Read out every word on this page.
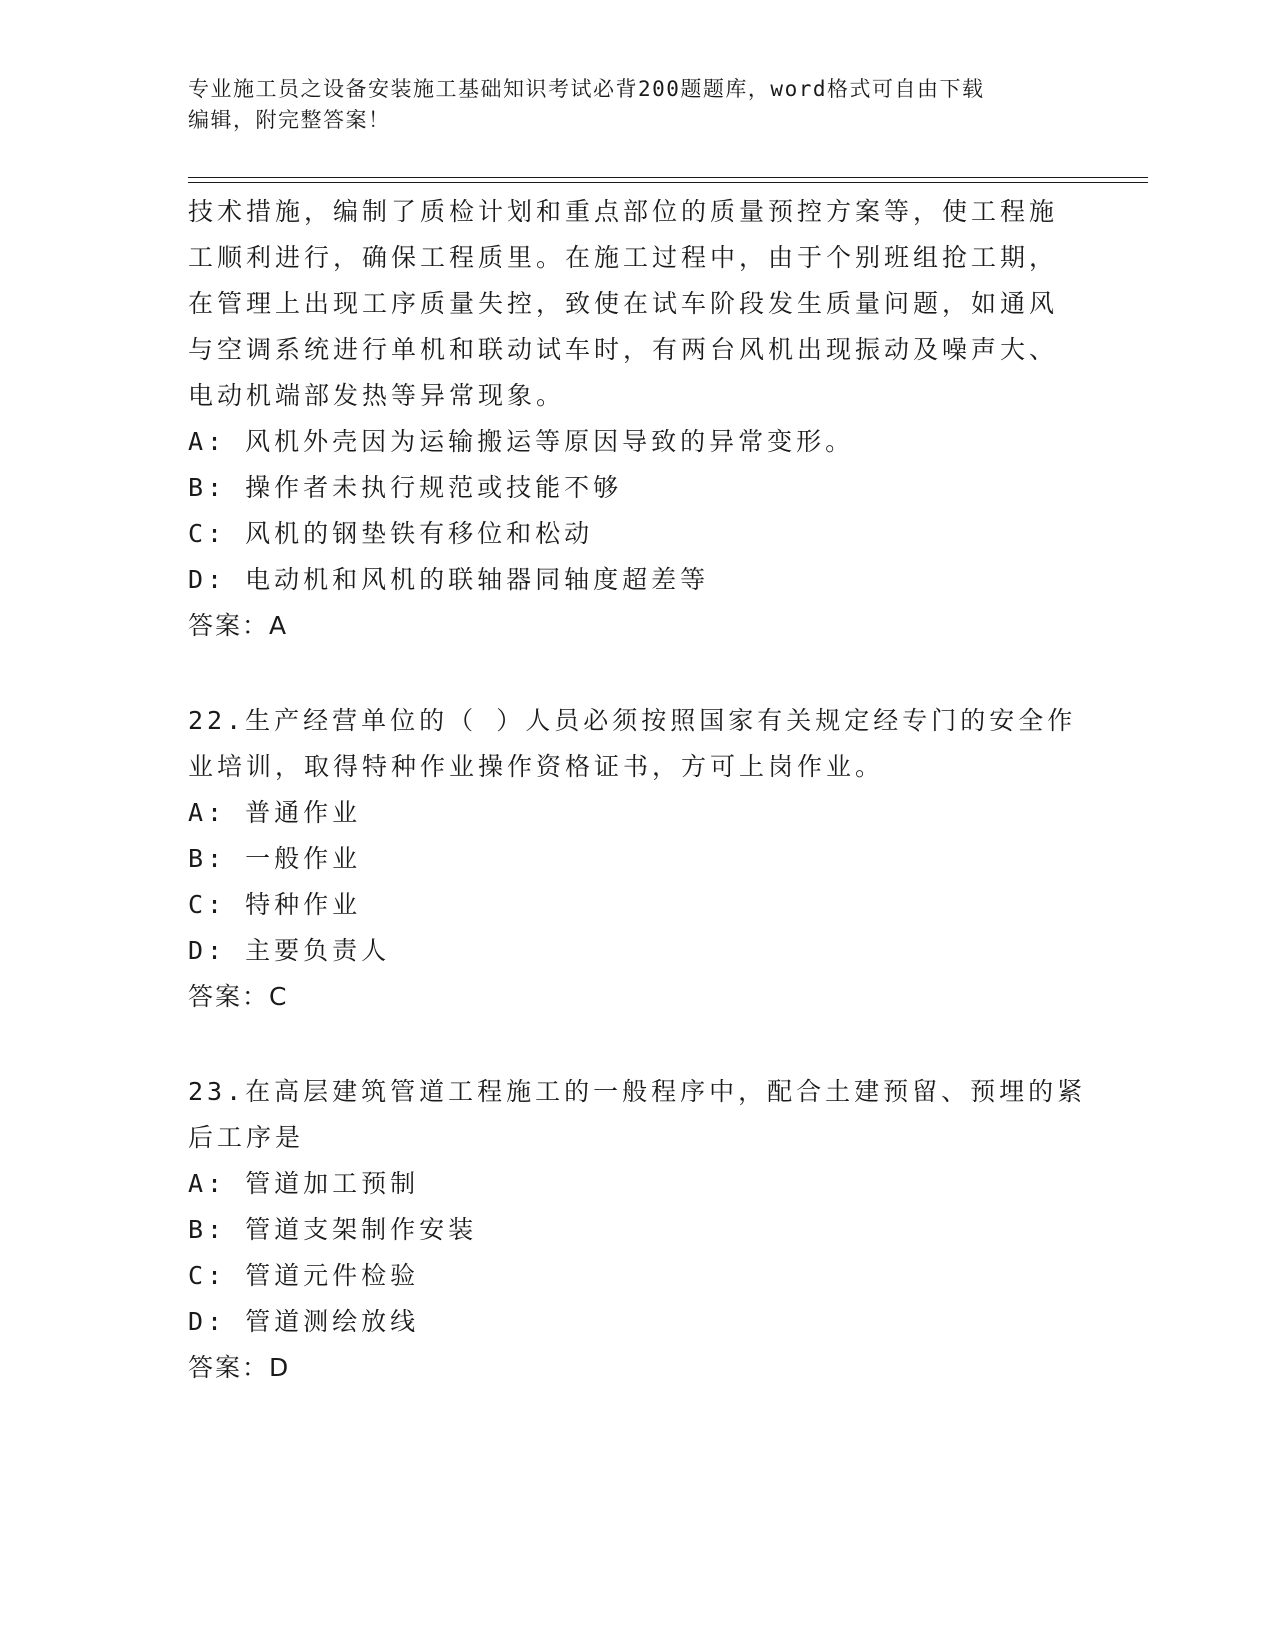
专业施工员之设备安装施工基础知识考试必背200题题库，word格式可自由下载
编辑，附完整答案！
技术措施，编制了质检计划和重点部位的质量预控方案等，使工程施
工顺利进行，确保工程质里。在施工过程中，由于个别班组抢工期，
在管理上出现工序质量失控，致使在试车阶段发生质量问题，如通风
与空调系统进行单机和联动试车时，有两台风机出现振动及噪声大、
电动机端部发热等异常现象。
A: 风机外壳因为运输搬运等原因导致的异常变形。
B: 操作者未执行规范或技能不够
C: 风机的钢垫铁有移位和松动
D: 电动机和风机的联轴器同轴度超差等
答案：A
22.生产经营单位的（ ）人员必须按照国家有关规定经专门的安全作
业培训，取得特种作业操作资格证书，方可上岗作业。
A: 普通作业
B: 一般作业
C: 特种作业
D: 主要负责人
答案：C
23.在高层建筑管道工程施工的一般程序中，配合土建预留、预埋的紧
后工序是
A: 管道加工预制
B: 管道支架制作安装
C: 管道元件检验
D: 管道测绘放线
答案：D
